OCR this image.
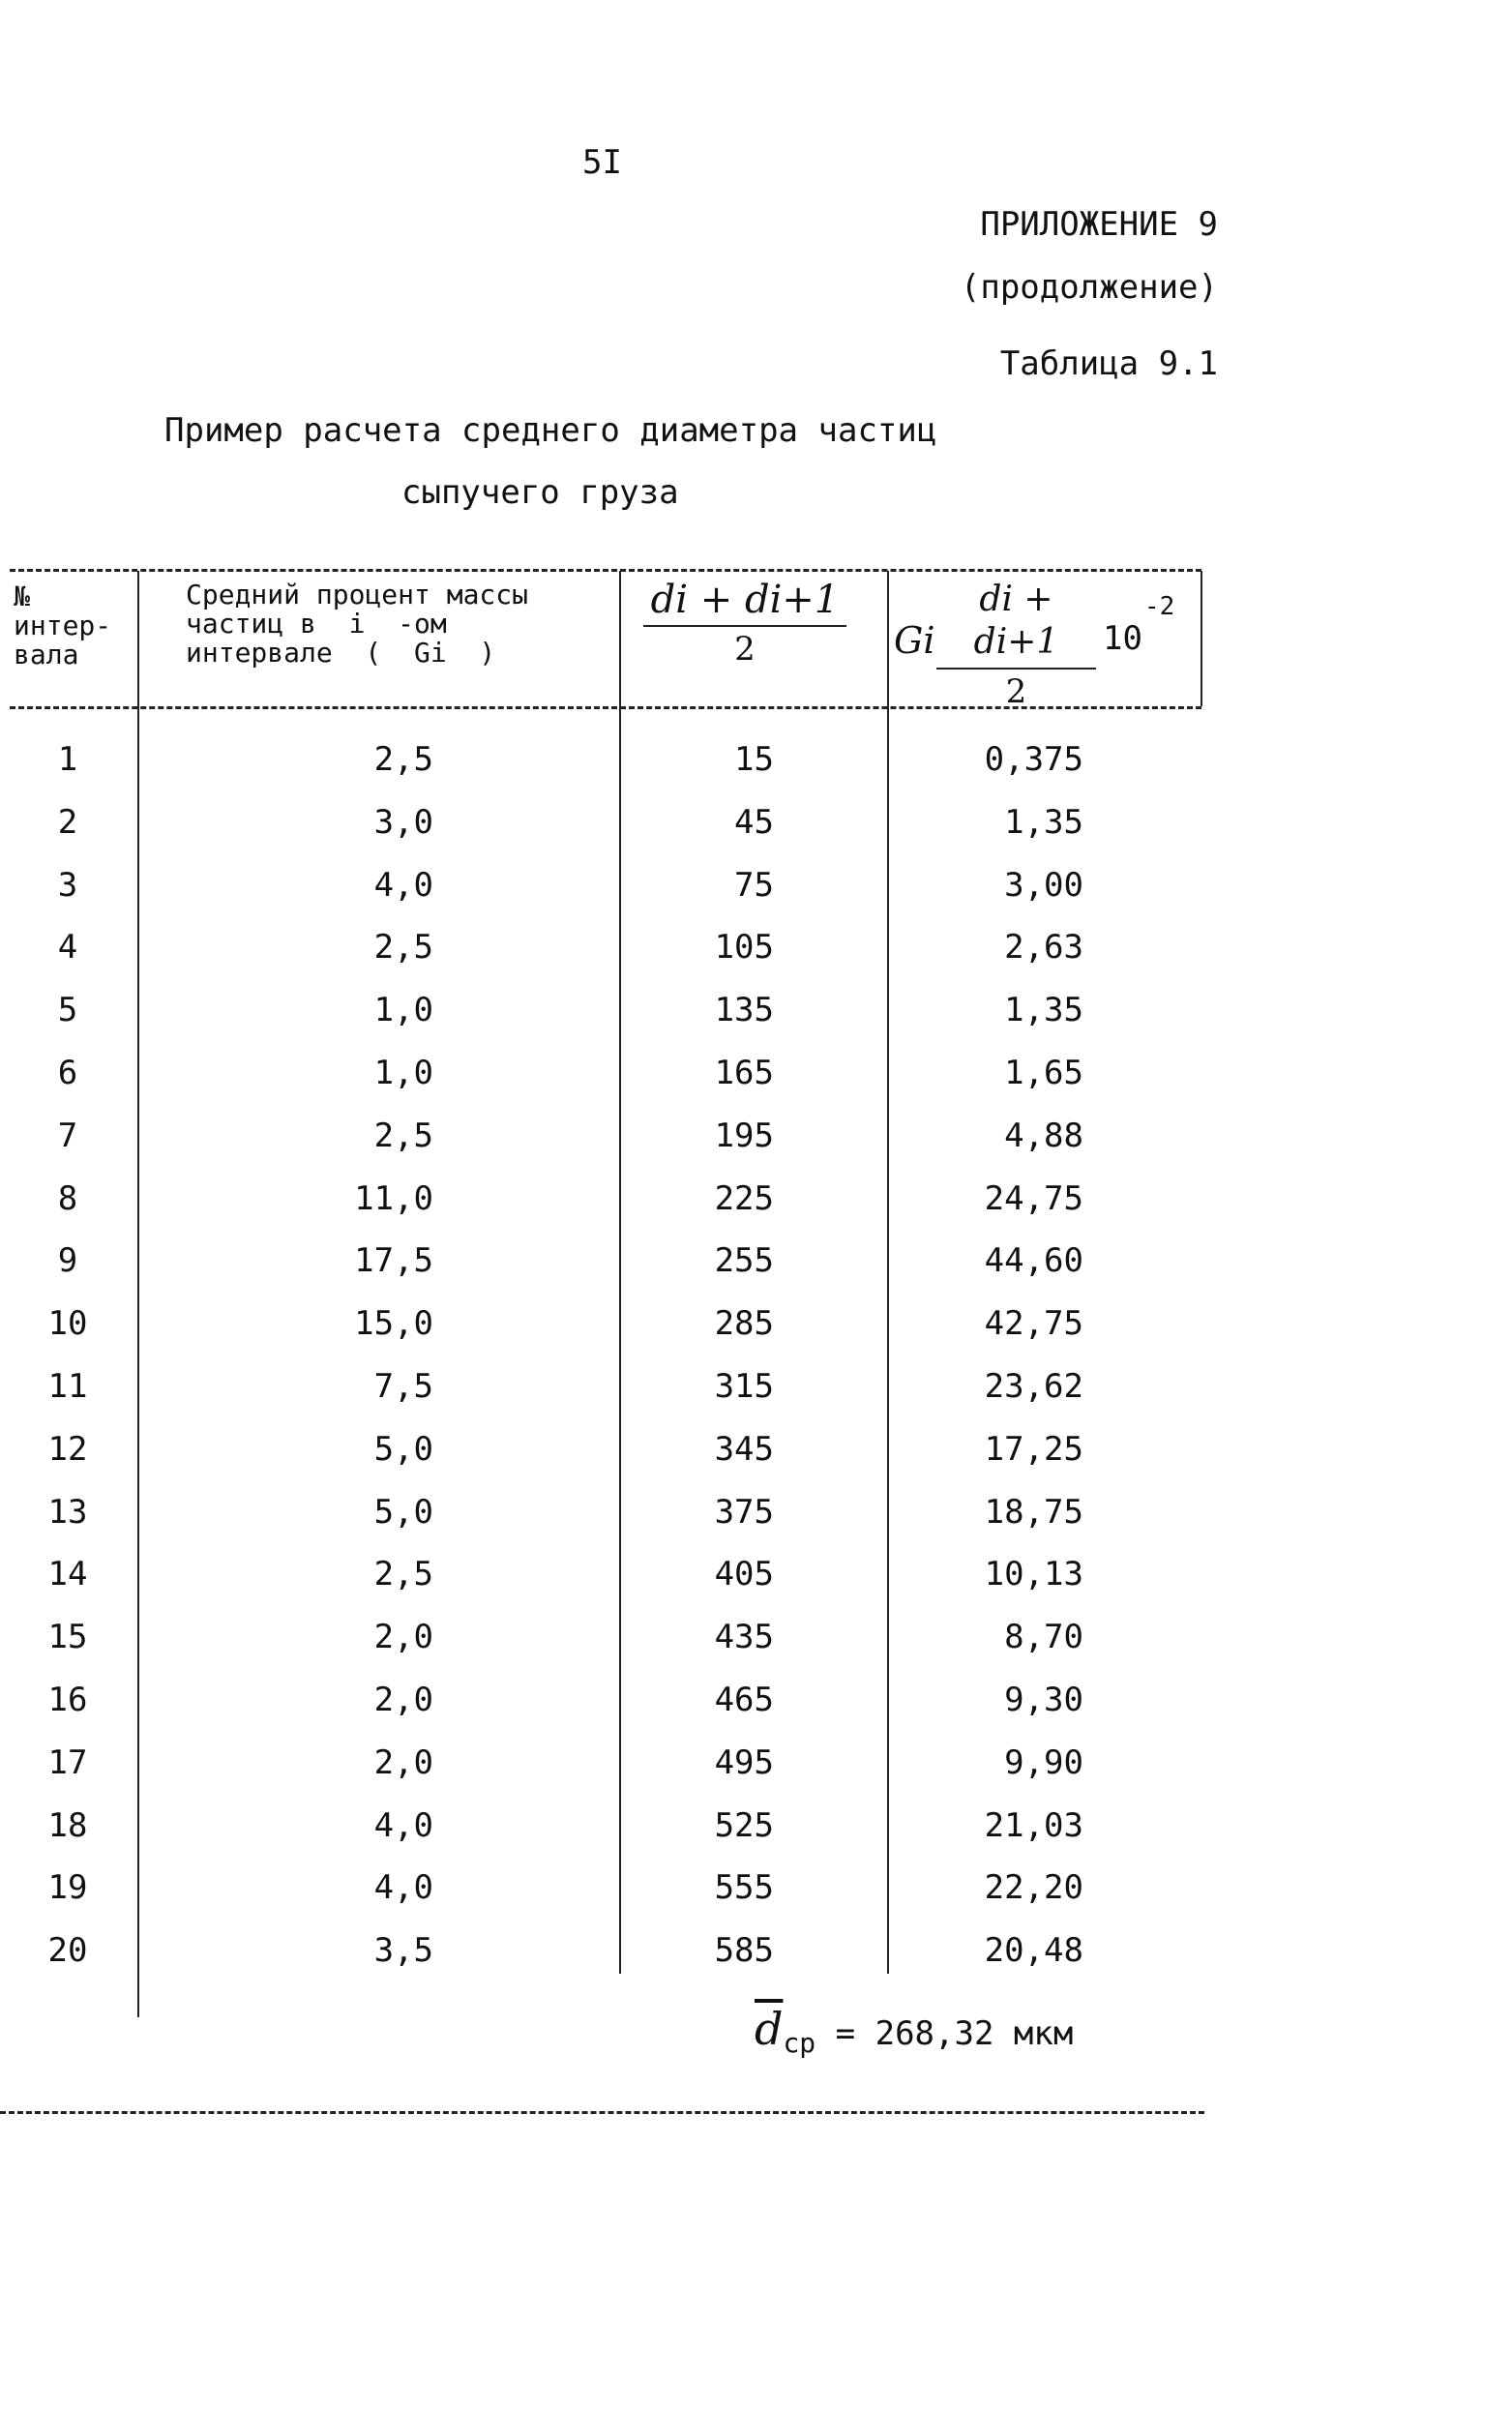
5I
ПРИЛОЖЕНИЕ 9
(продолжение)
Таблица 9.1
Пример расчета среднего диаметра частиц
сыпучего груза
№
интер-
вала
Средний процент массы
частиц в  i  -ом
интервале  (  Gi  )
di + di+1
2	Gi
di + di+1
2
10
-2
1	2,5	15	0,375
2	3,0	45	1,35
3	4,0	75	3,00
4	2,5	105	2,63
5	1,0	135	1,35
6	1,0	165	1,65
7	2,5	195	4,88
8	11,0	225	24,75
9	17,5	255	44,60
10	15,0	285	42,75
11	7,5	315	23,62
12	5,0	345	17,25
13	5,0	375	18,75
14	2,5	405	10,13
15	2,0	435	8,70
16	2,0	465	9,30
17	2,0	495	9,90
18	4,0	525	21,03
19	4,0	555	22,20
20	3,5	585	20,48
$\overline{d}_{ср} = 268,32$ мкм
